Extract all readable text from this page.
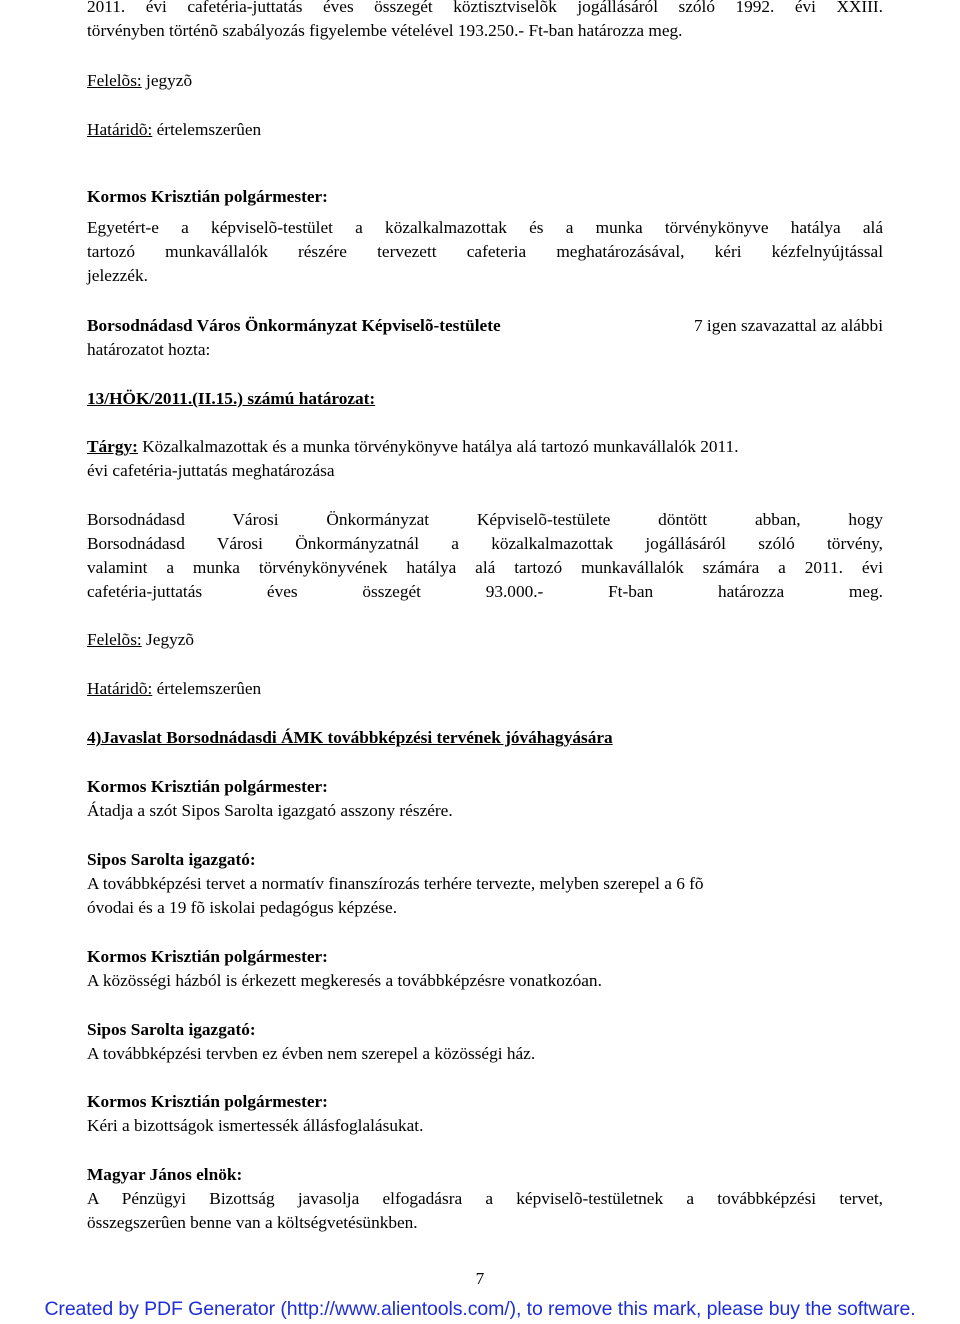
2011. évi cafetéria-juttatás éves összegét köztisztviselõk jogállásáról szóló 1992. évi XXIII.
törvényben történõ szabályozás figyelembe vételével 193.250.- Ft-ban határozza meg.
Felelõs: jegyzõ
Határidõ: értelemszerûen
Kormos Krisztián polgármester:
Egyetért-e a képviselõ-testület a közalkalmazottak és a munka törvénykönyve hatálya alá
tartozó munkavállalók részére tervezett cafeteria meghatározásával, kéri kézfelnyújtással
jelezzék.
Borsodnádasd Város Önkormányzat Képviselõ-testülete	7 igen szavazattal az alábbi
határozatot hozta:
13/HÖK/2011.(II.15.) számú határozat:
Tárgy: Közalkalmazottak és a munka törvénykönyve hatálya alá tartozó munkavállalók 2011.
évi cafetéria-juttatás meghatározása
Borsodnádasd Városi Önkormányzat Képviselõ-testülete döntött abban, hogy
Borsodnádasd Városi Önkormányzatnál a közalkalmazottak jogállásáról szóló törvény,
valamint a munka törvénykönyvének hatálya alá tartozó munkavállalók számára a 2011. évi
cafetéria-juttatás éves összegét 93.000.- Ft-ban határozza meg.
Felelõs: Jegyzõ
Határidõ: értelemszerûen
4)Javaslat Borsodnádasdi ÁMK továbbképzési tervének jóváhagyására
Kormos Krisztián polgármester:
Átadja a szót Sipos Sarolta igazgató asszony részére.
Sipos Sarolta igazgató:
A továbbképzési tervet a normatív finanszírozás terhére tervezte, melyben szerepel a 6 fõ
óvodai és a 19 fõ iskolai pedagógus képzése.
Kormos Krisztián polgármester:
A közösségi házból is érkezett megkeresés a továbbképzésre vonatkozóan.
Sipos Sarolta igazgató:
A továbbképzési tervben ez évben nem szerepel a közösségi ház.
Kormos Krisztián polgármester:
Kéri a bizottságok ismertessék állásfoglalásukat.
Magyar János elnök:
A Pénzügyi Bizottság javasolja elfogadásra a képviselõ-testületnek a továbbképzési tervet,
összegszerûen benne van a költségvetésünkben.
7
Created by PDF Generator (http://www.alientools.com/), to remove this mark, please buy the software.
